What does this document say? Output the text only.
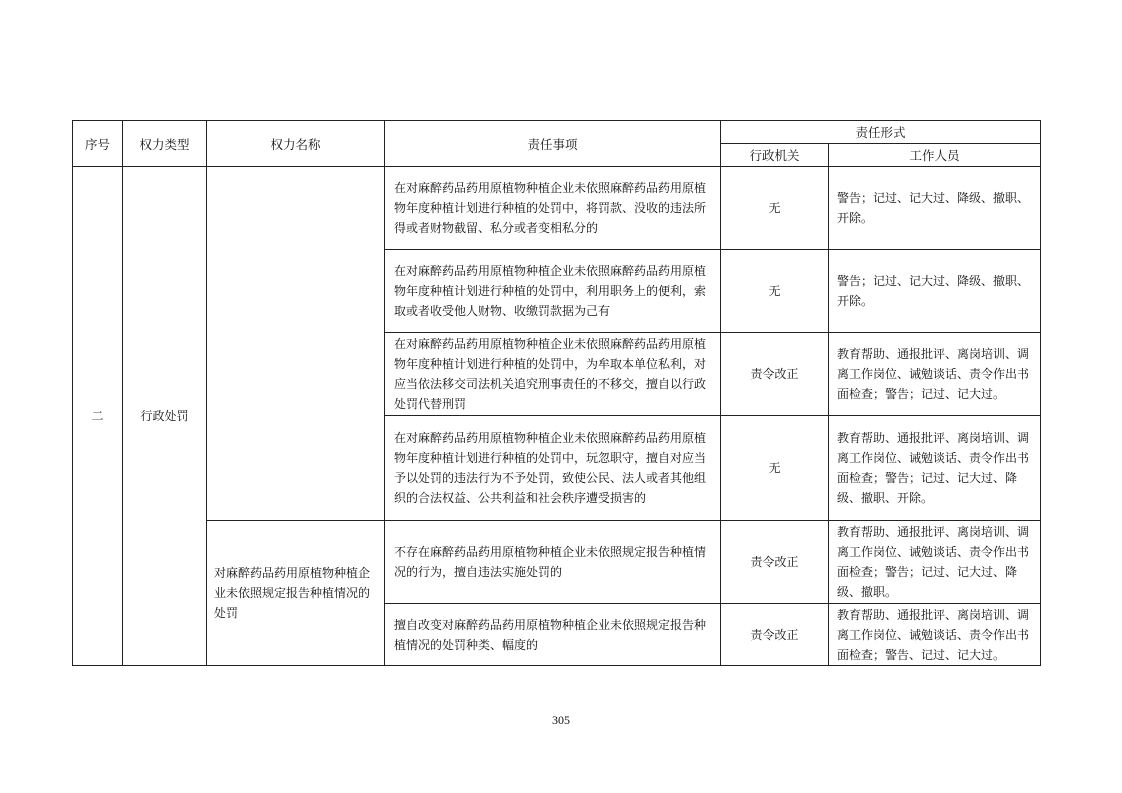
序号	权力类型	权力名称	责任事项	责任形式	
				行政机关	工作人员
二	行政处罚		在对麻醉药品药用原植物种植企业未依照麻醉药品药用原植物年度种植计划进行种植的处罚中，将罚款、没收的违法所得或者财物截留、私分或者变相私分的	无	警告；记过、记大过、降级、撤职、开除。
			在对麻醉药品药用原植物种植企业未依照麻醉药品药用原植物年度种植计划进行种植的处罚中，利用职务上的便利，索取或者收受他人财物、收缴罚款据为己有	无	警告；记过、记大过、降级、撤职、开除。
			在对麻醉药品药用原植物种植企业未依照麻醉药品药用原植物年度种植计划进行种植的处罚中，为牟取本单位私利，对应当依法移交司法机关追究刑事责任的不移交，擅自以行政处罚代替刑罚	责令改正	教育帮助、通报批评、离岗培训、调离工作岗位、诫勉谈话、责令作出书面检查；警告；记过、记大过。
			在对麻醉药品药用原植物种植企业未依照麻醉药品药用原植物年度种植计划进行种植的处罚中，玩忽职守，擅自对应当予以处罚的违法行为不予处罚，致使公民、法人或者其他组织的合法权益、公共利益和社会秩序遭受损害的	无	教育帮助、通报批评、离岗培训、调离工作岗位、诫勉谈话、责令作出书面检查；警告；记过、记大过、降级、撤职、开除。
		对麻醉药品药用原植物种植企业未依照规定报告种植情况的处罚	不存在麻醉药品药用原植物种植企业未依照规定报告种植情况的行为，擅自违法实施处罚的	责令改正	教育帮助、通报批评、离岗培训、调离工作岗位、诫勉谈话、责令作出书面检查；警告；记过、记大过、降级、撤职。
			擅自改变对麻醉药品药用原植物种植企业未依照规定报告种植情况的处罚种类、幅度的	责令改正	教育帮助、通报批评、离岗培训、调离工作岗位、诫勉谈话、责令作出书面检查；警告、记过、记大过。
305
